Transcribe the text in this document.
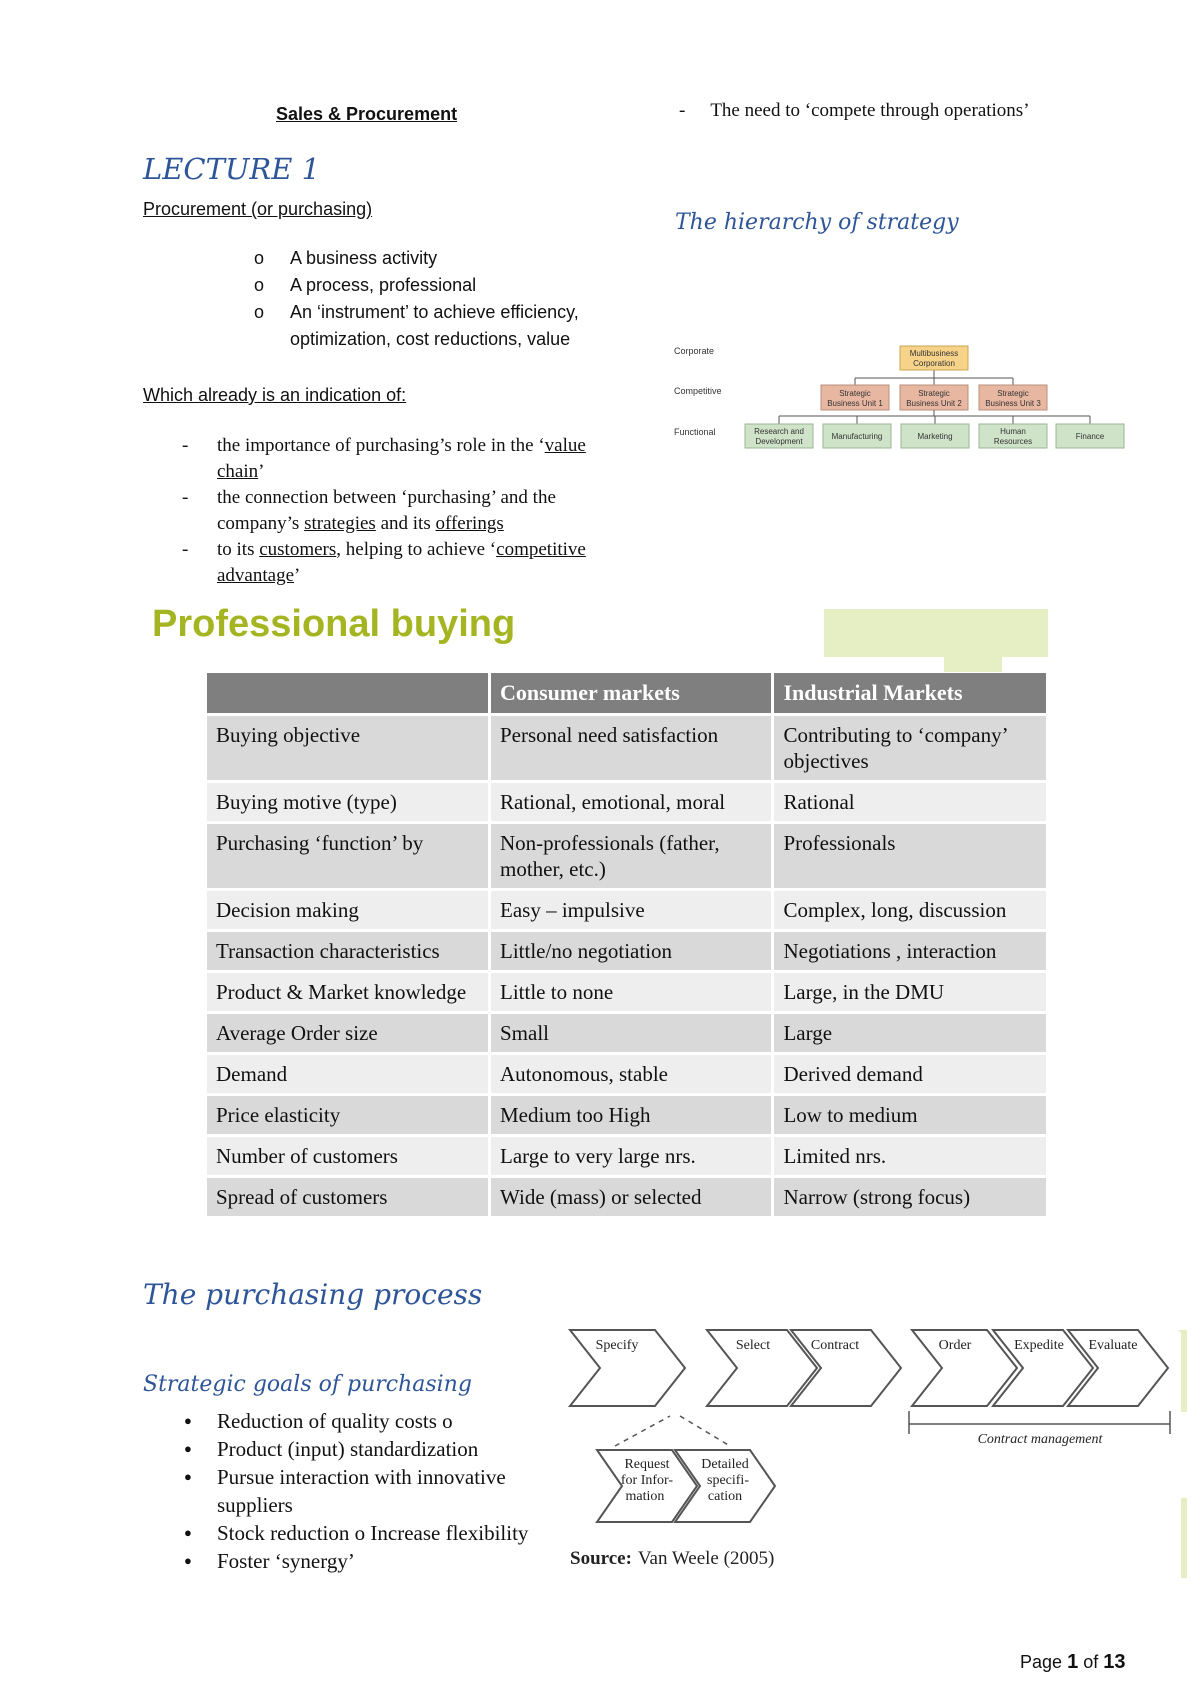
Sales & Procurement
LECTURE 1
Procurement (or purchasing)
o A business activity
o A process, professional
o An ‘instrument’ to achieve efficiency, optimization, cost reductions, value
Which already is an indication of:
- the importance of purchasing’s role in the ‘value chain’
- the connection between ‘purchasing’ and the company’s strategies and its offerings
- to its customers, helping to achieve ‘competitive advantage’
- The need to ‘compete through operations’
The hierarchy of strategy
Corporate
Competitive
Functional
Multibusiness
Corporation
Strategic
Business Unit 1
Strategic
Business Unit 2
Strategic
Business Unit 3
Research and
Development
Manufacturing	Marketing
Human
Resources
Finance
Professional buying
	Consumer markets	Industrial Markets
Buying objective	Personal need satisfaction	Contributing to ‘company’ objectives
Buying motive (type)	Rational, emotional, moral	Rational
Purchasing ‘function’ by	Non-professionals (father, mother, etc.)	Professionals
Decision making	Easy – impulsive	Complex, long, discussion
Transaction characteristics	Little/no negotiation	Negotiations , interaction
Product & Market knowledge	Little to none	Large, in the DMU
Average Order size	Small	Large
Demand	Autonomous, stable	Derived demand
Price elasticity	Medium too High	Low to medium
Number of customers	Large to very large nrs.	Limited nrs.
Spread of customers	Wide (mass) or selected	Narrow (strong focus)
The purchasing process
Specify	Select	Contract	Order	Expedite Evaluate
Request
for Infor-
mation
Detailed
specifi-
cation
Contract management
Source: Van Weele (2005)
Strategic goals of purchasing
● Reduction of quality costs o
● Product (input) standardization
● Pursue interaction with innovative suppliers
● Stock reduction o Increase flexibility
● Foster ‘synergy’
Page 1 of 13
